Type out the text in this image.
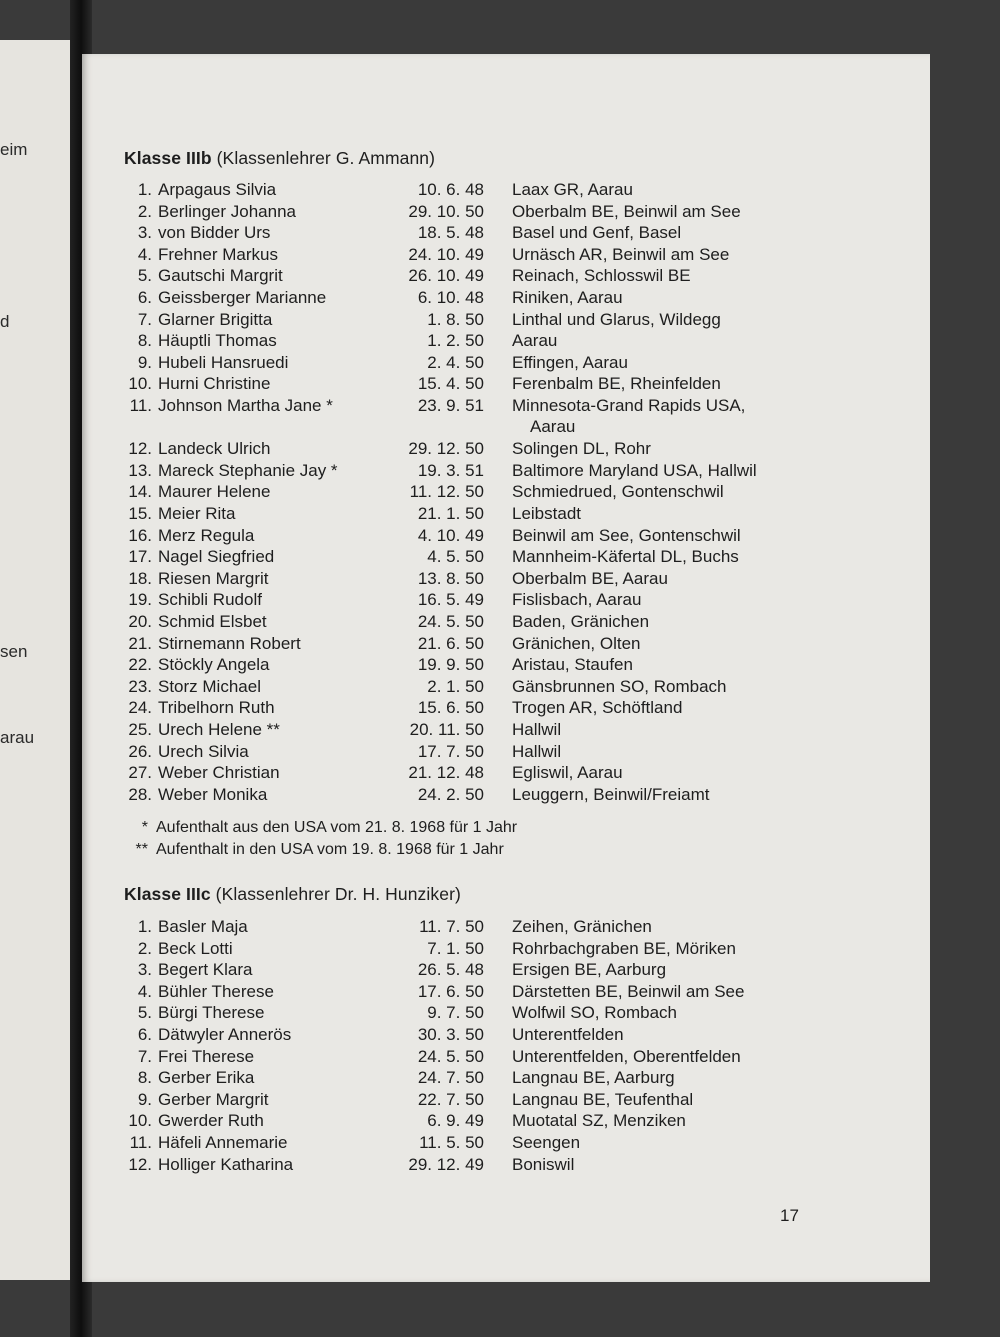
eim
d
sen
arau
Klasse IIIb (Klassenlehrer G. Ammann)
1. Arpagaus Silvia	10. 6. 48 Laax GR, Aarau
2. Berlinger Johanna	29. 10. 50 Oberbalm BE, Beinwil am See
3. von Bidder Urs	18. 5. 48 Basel und Genf, Basel
4. Frehner Markus	24. 10. 49 Urnäsch AR, Beinwil am See
5. Gautschi Margrit	26. 10. 49 Reinach, Schlosswil BE
6. Geissberger Marianne	6. 10. 48 Riniken, Aarau
7. Glarner Brigitta	1. 8. 50 Linthal und Glarus, Wildegg
8. Häuptli Thomas	1. 2. 50 Aarau
9. Hubeli Hansruedi	2. 4. 50 Effingen, Aarau
10. Hurni Christine	15. 4. 50 Ferenbalm BE, Rheinfelden
11. Johnson Martha Jane *	23. 9. 51 Minnesota-Grand Rapids USA,
Aarau
12. Landeck Ulrich	29. 12. 50 Solingen DL, Rohr
13. Mareck Stephanie Jay *	19. 3. 51 Baltimore Maryland USA, Hallwil
14. Maurer Helene	11. 12. 50 Schmiedrued, Gontenschwil
15. Meier Rita	21. 1. 50 Leibstadt
16. Merz Regula	4. 10. 49 Beinwil am See, Gontenschwil
17. Nagel Siegfried	4. 5. 50 Mannheim-Käfertal DL, Buchs
18. Riesen Margrit	13. 8. 50 Oberbalm BE, Aarau
19. Schibli Rudolf	16. 5. 49 Fislisbach, Aarau
20. Schmid Elsbet	24. 5. 50 Baden, Gränichen
21. Stirnemann Robert	21. 6. 50 Gränichen, Olten
22. Stöckly Angela	19. 9. 50 Aristau, Staufen
23. Storz Michael	2. 1. 50 Gänsbrunnen SO, Rombach
24. Tribelhorn Ruth	15. 6. 50 Trogen AR, Schöftland
25. Urech Helene **	20. 11. 50 Hallwil
26. Urech Silvia	17. 7. 50 Hallwil
27. Weber Christian	21. 12. 48 Egliswil, Aarau
28. Weber Monika	24. 2. 50 Leuggern, Beinwil/Freiamt
* Aufenthalt aus den USA vom 21. 8. 1968 für 1 Jahr
** Aufenthalt in den USA vom 19. 8. 1968 für 1 Jahr
Klasse IIIc (Klassenlehrer Dr. H. Hunziker)
1. Basler Maja	11. 7. 50 Zeihen, Gränichen
2. Beck Lotti	7. 1. 50 Rohrbachgraben BE, Möriken
3. Begert Klara	26. 5. 48 Ersigen BE, Aarburg
4. Bühler Therese	17. 6. 50 Därstetten BE, Beinwil am See
5. Bürgi Therese	9. 7. 50 Wolfwil SO, Rombach
6. Dätwyler Annerös	30. 3. 50 Unterentfelden
7. Frei Therese	24. 5. 50 Unterentfelden, Oberentfelden
8. Gerber Erika	24. 7. 50 Langnau BE, Aarburg
9. Gerber Margrit	22. 7. 50 Langnau BE, Teufenthal
10. Gwerder Ruth	6. 9. 49 Muotatal SZ, Menziken
11. Häfeli Annemarie	11. 5. 50 Seengen
12. Holliger Katharina	29. 12. 49 Boniswil
17
